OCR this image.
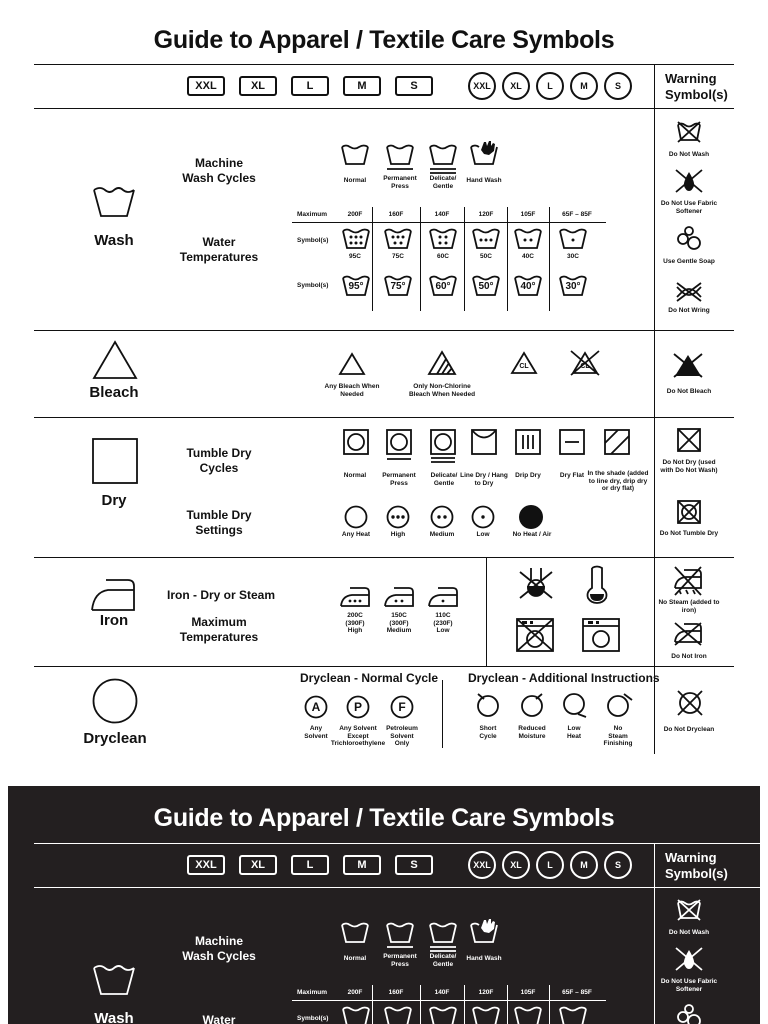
Guide to Apparel / Textile Care Symbols
XXL	XL	L	M	S	XXL	XL	L	M	S	Warning
Symbol(s)
Wash
Machine
Wash Cycles
Water
Temperatures
Normal	Permanent Press
Delicate/ Gentle
Hand Wash
Maximum
Symbol(s)
Symbol(s)
200F	160F	140F	120F	105F	65F – 85F
95C	75C	60C	50C	40C	30C
95°	75°	60°	50°	40°	30°
Do Not Wash
Do Not Use Fabric Softener
Use Gentle Soap
Do Not Wring
Bleach	Any Bleach When Needed
Only Non-Chlorine Bleach When Needed
CL	CL
Do Not Bleach
Dry
Tumble Dry
Cycles
Tumble Dry
Settings
Normal	Permanent Press
Delicate/ Gentle
Line Dry / Hang to Dry
Drip Dry	Dry Flat In the shade (added to line dry, drip dry or dry flat)
Any Heat	High	Medium	Low	No Heat / Air
Do Not Dry (used with Do Not Wash)
Do Not Tumble Dry
Iron
Iron - Dry or Steam
Maximum
Temperatures
200C
(390F)
High
150C
(300F)
Medium
110C
(230F)
Low
No Steam (added to iron)
Do Not Iron
Dryclean
Dryclean - Normal Cycle Dryclean - Additional Instructions
A
Any
Solvent
P
Any Solvent
Except
Trichloroethylene
F
Petroleum
Solvent
Only
Short
Cycle
Reduced
Moisture
Low
Heat
No
Steam
Finishing
Do Not Dryclean
Guide to Apparel / Textile Care Symbols
XXL	XL	L	M	S	XXL	XL	L	M	S	Warning
Symbol(s)
Wash
Machine
Wash Cycles
Water
Normal	Permanent Press
Delicate/ Gentle
Hand Wash
Maximum
Symbol(s)
200F	160F	140F	120F	105F	65F – 85F
Do Not Wash
Do Not Use Fabric Softener
